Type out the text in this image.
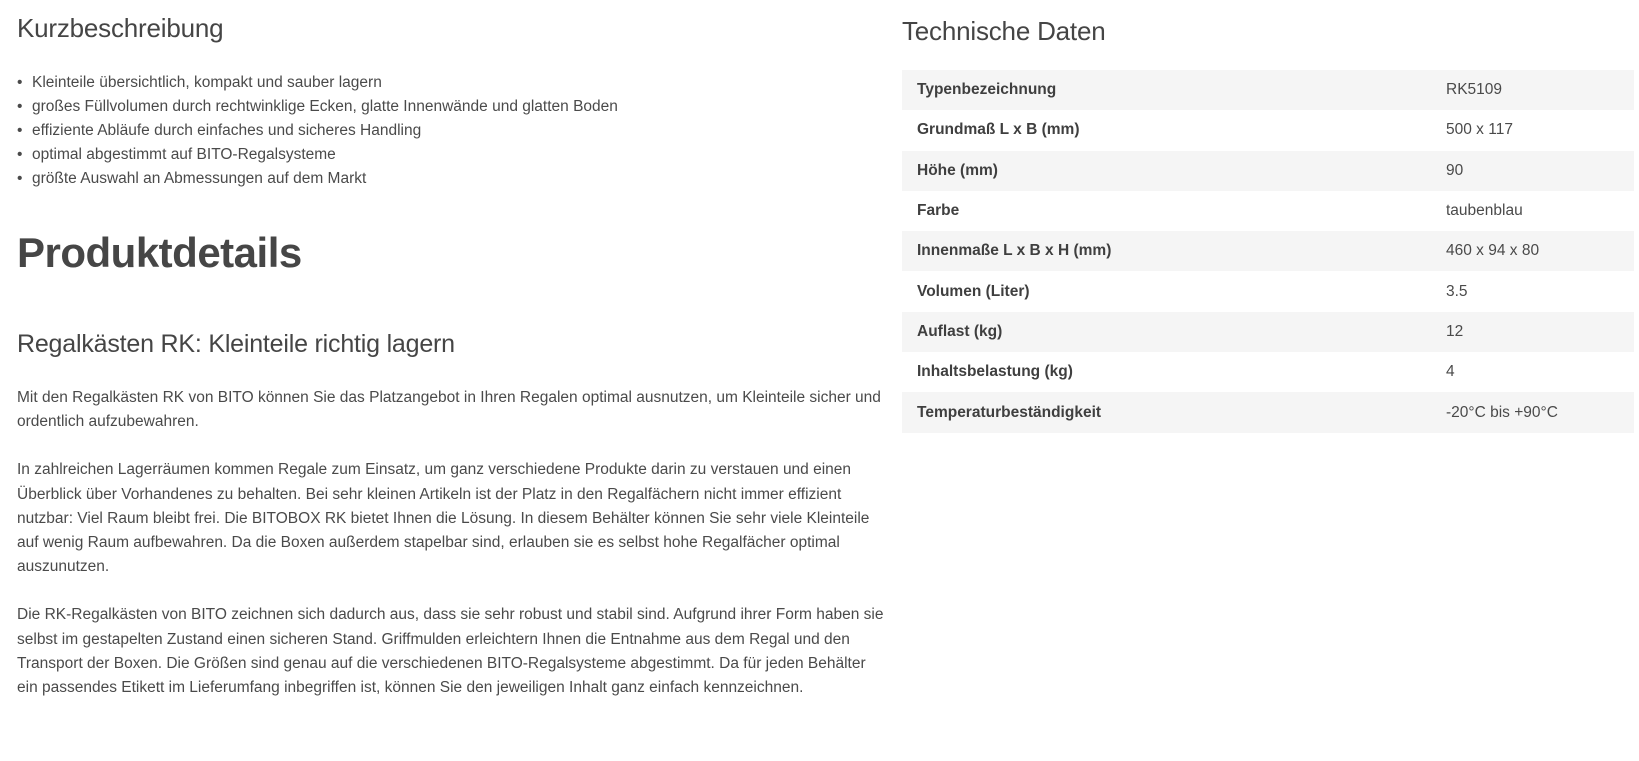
Kurzbeschreibung
• Kleinteile übersichtlich, kompakt und sauber lagern
• großes Füllvolumen durch rechtwinklige Ecken, glatte Innenwände und glatten Boden
• effiziente Abläufe durch einfaches und sicheres Handling
• optimal abgestimmt auf BITO-Regalsysteme
• größte Auswahl an Abmessungen auf dem Markt
Produktdetails
Regalkästen RK: Kleinteile richtig lagern

Mit den Regalkästen RK von BITO können Sie das Platzangebot in Ihren Regalen optimal ausnutzen, um Kleinteile sicher und ordentlich aufzubewahren.

In zahlreichen Lagerräumen kommen Regale zum Einsatz, um ganz verschiedene Produkte darin zu verstauen und einen Überblick über Vorhandenes zu behalten. Bei sehr kleinen Artikeln ist der Platz in den Regalfächern nicht immer effizient nutzbar: Viel Raum bleibt frei. Die BITOBOX RK bietet Ihnen die Lösung. In diesem Behälter können Sie sehr viele Kleinteile auf wenig Raum aufbewahren. Da die Boxen außerdem stapelbar sind, erlauben sie es selbst hohe Regalfächer optimal auszunutzen.

Die RK-Regalkästen von BITO zeichnen sich dadurch aus, dass sie sehr robust und stabil sind. Aufgrund ihrer Form haben sie selbst im gestapelten Zustand einen sicheren Stand. Griffmulden erleichtern Ihnen die Entnahme aus dem Regal und den Transport der Boxen. Die Größen sind genau auf die verschiedenen BITO-Regalsysteme abgestimmt. Da für jeden Behälter ein passendes Etikett im Lieferumfang inbegriffen ist, können Sie den jeweiligen Inhalt ganz einfach kennzeichnen.

Technische Daten
Typenbezeichnung	RK5109
Grundmaß L x B (mm)	500 x 117
Höhe (mm)	90
Farbe	taubenblau
Innenmaße L x B x H (mm)	460 x 94 x 80
Volumen (Liter)	3.5
Auflast (kg)	12
Inhaltsbelastung (kg)	4
Temperaturbeständigkeit	-20°C bis +90°C
